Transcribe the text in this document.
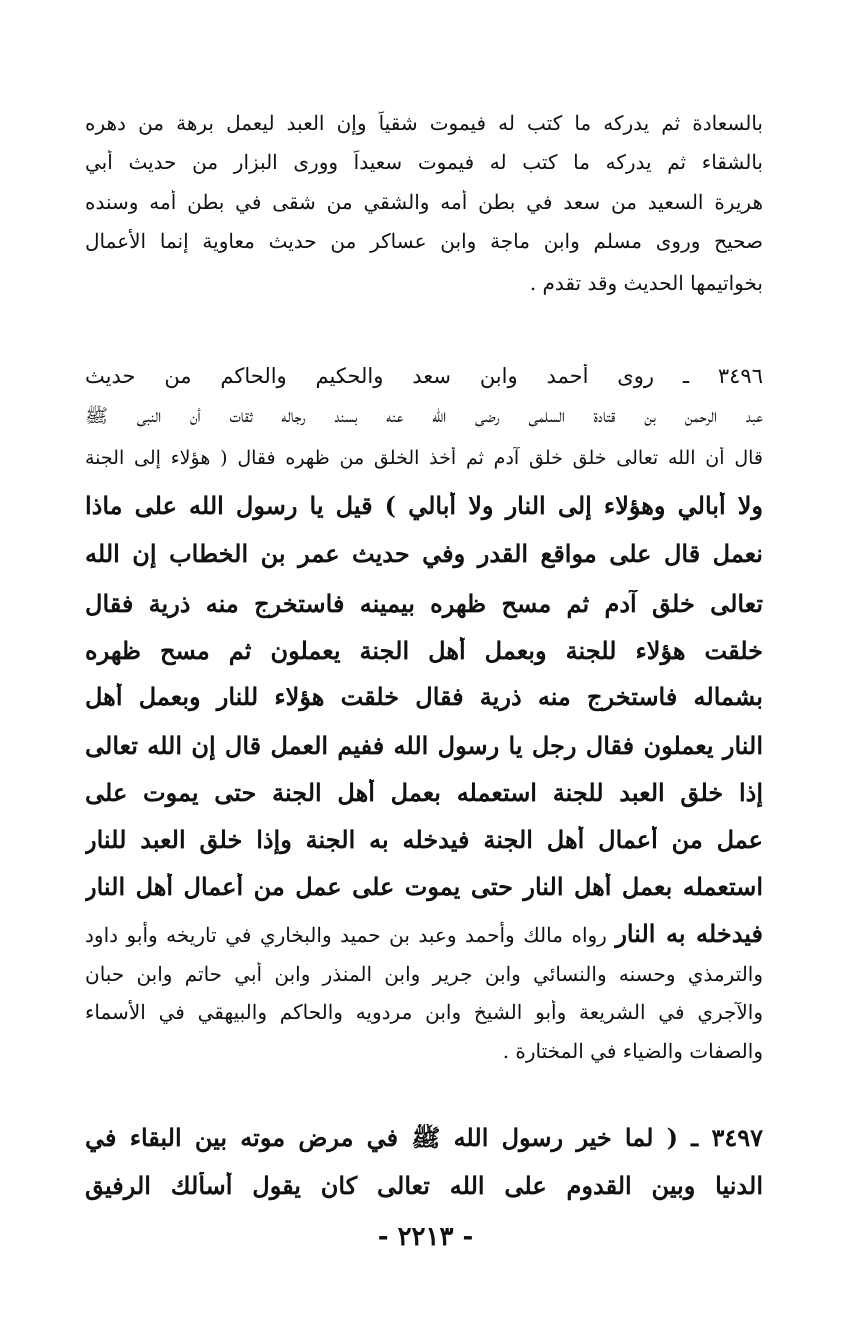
بالسعادة ثم يدركه ما كتب له فيموت شقياً وإن العبد ليعمل برهة من دهره
بالشقاء ثم يدركه ما كتب له فيموت سعيداً وورى البزار من حديث أبي
هريرة السعيد من سعد في بطن أمه والشقي من شقى في بطن أمه وسنده
صحيح وروى مسلم وابن ماجة وابن عساكر من حديث معاوية إنما الأعمال
بخواتيمها الحديث وقد تقدم .
٣٤٩٦ ـ روى أحمد وابن سعد والحكيم والحاكم من حديث
عبد الرحمن بن قتادة السلمي رضي الله عنه بسند رجاله ثقات أن النبي ﷺ
قال أن الله تعالى خلق خلق آدم ثم أخذ الخلق من ظهره فقال ( هؤلاء إلى الجنة
ولا أبالي وهؤلاء إلى النار ولا أبالي ) قيل يا رسول الله على ماذا
نعمل قال على مواقع القدر وفي حديث عمر بن الخطاب إن الله
تعالى خلق آدم ثم مسح ظهره بيمينه فاستخرج منه ذرية فقال
خلقت هؤلاء للجنة وبعمل أهل الجنة يعملون ثم مسح ظهره
بشماله فاستخرج منه ذرية فقال خلقت هؤلاء للنار وبعمل أهل
النار يعملون فقال رجل يا رسول الله ففيم العمل قال إن الله تعالى
إذا خلق العبد للجنة استعمله بعمل أهل الجنة حتى يموت على
عمل من أعمال أهل الجنة فيدخله به الجنة وإذا خلق العبد للنار
استعمله بعمل أهل النار حتى يموت على عمل من أعمال أهل النار
فيدخله به النار رواه مالك وأحمد وعبد بن حميد والبخاري في تاريخه وأبو داود
والترمذي وحسنه والنسائي وابن جرير وابن المنذر وابن أبي حاتم وابن حبان
والآجري في الشريعة وأبو الشيخ وابن مردويه والحاكم والبيهقي في الأسماء
والصفات والضياء في المختارة .
٣٤٩٧ ـ ( لما خير رسول الله ﷺ في مرض موته بين البقاء في
الدنيا وبين القدوم على الله تعالى كان يقول أسألك الرفيق
- ٢٢١٣ -
